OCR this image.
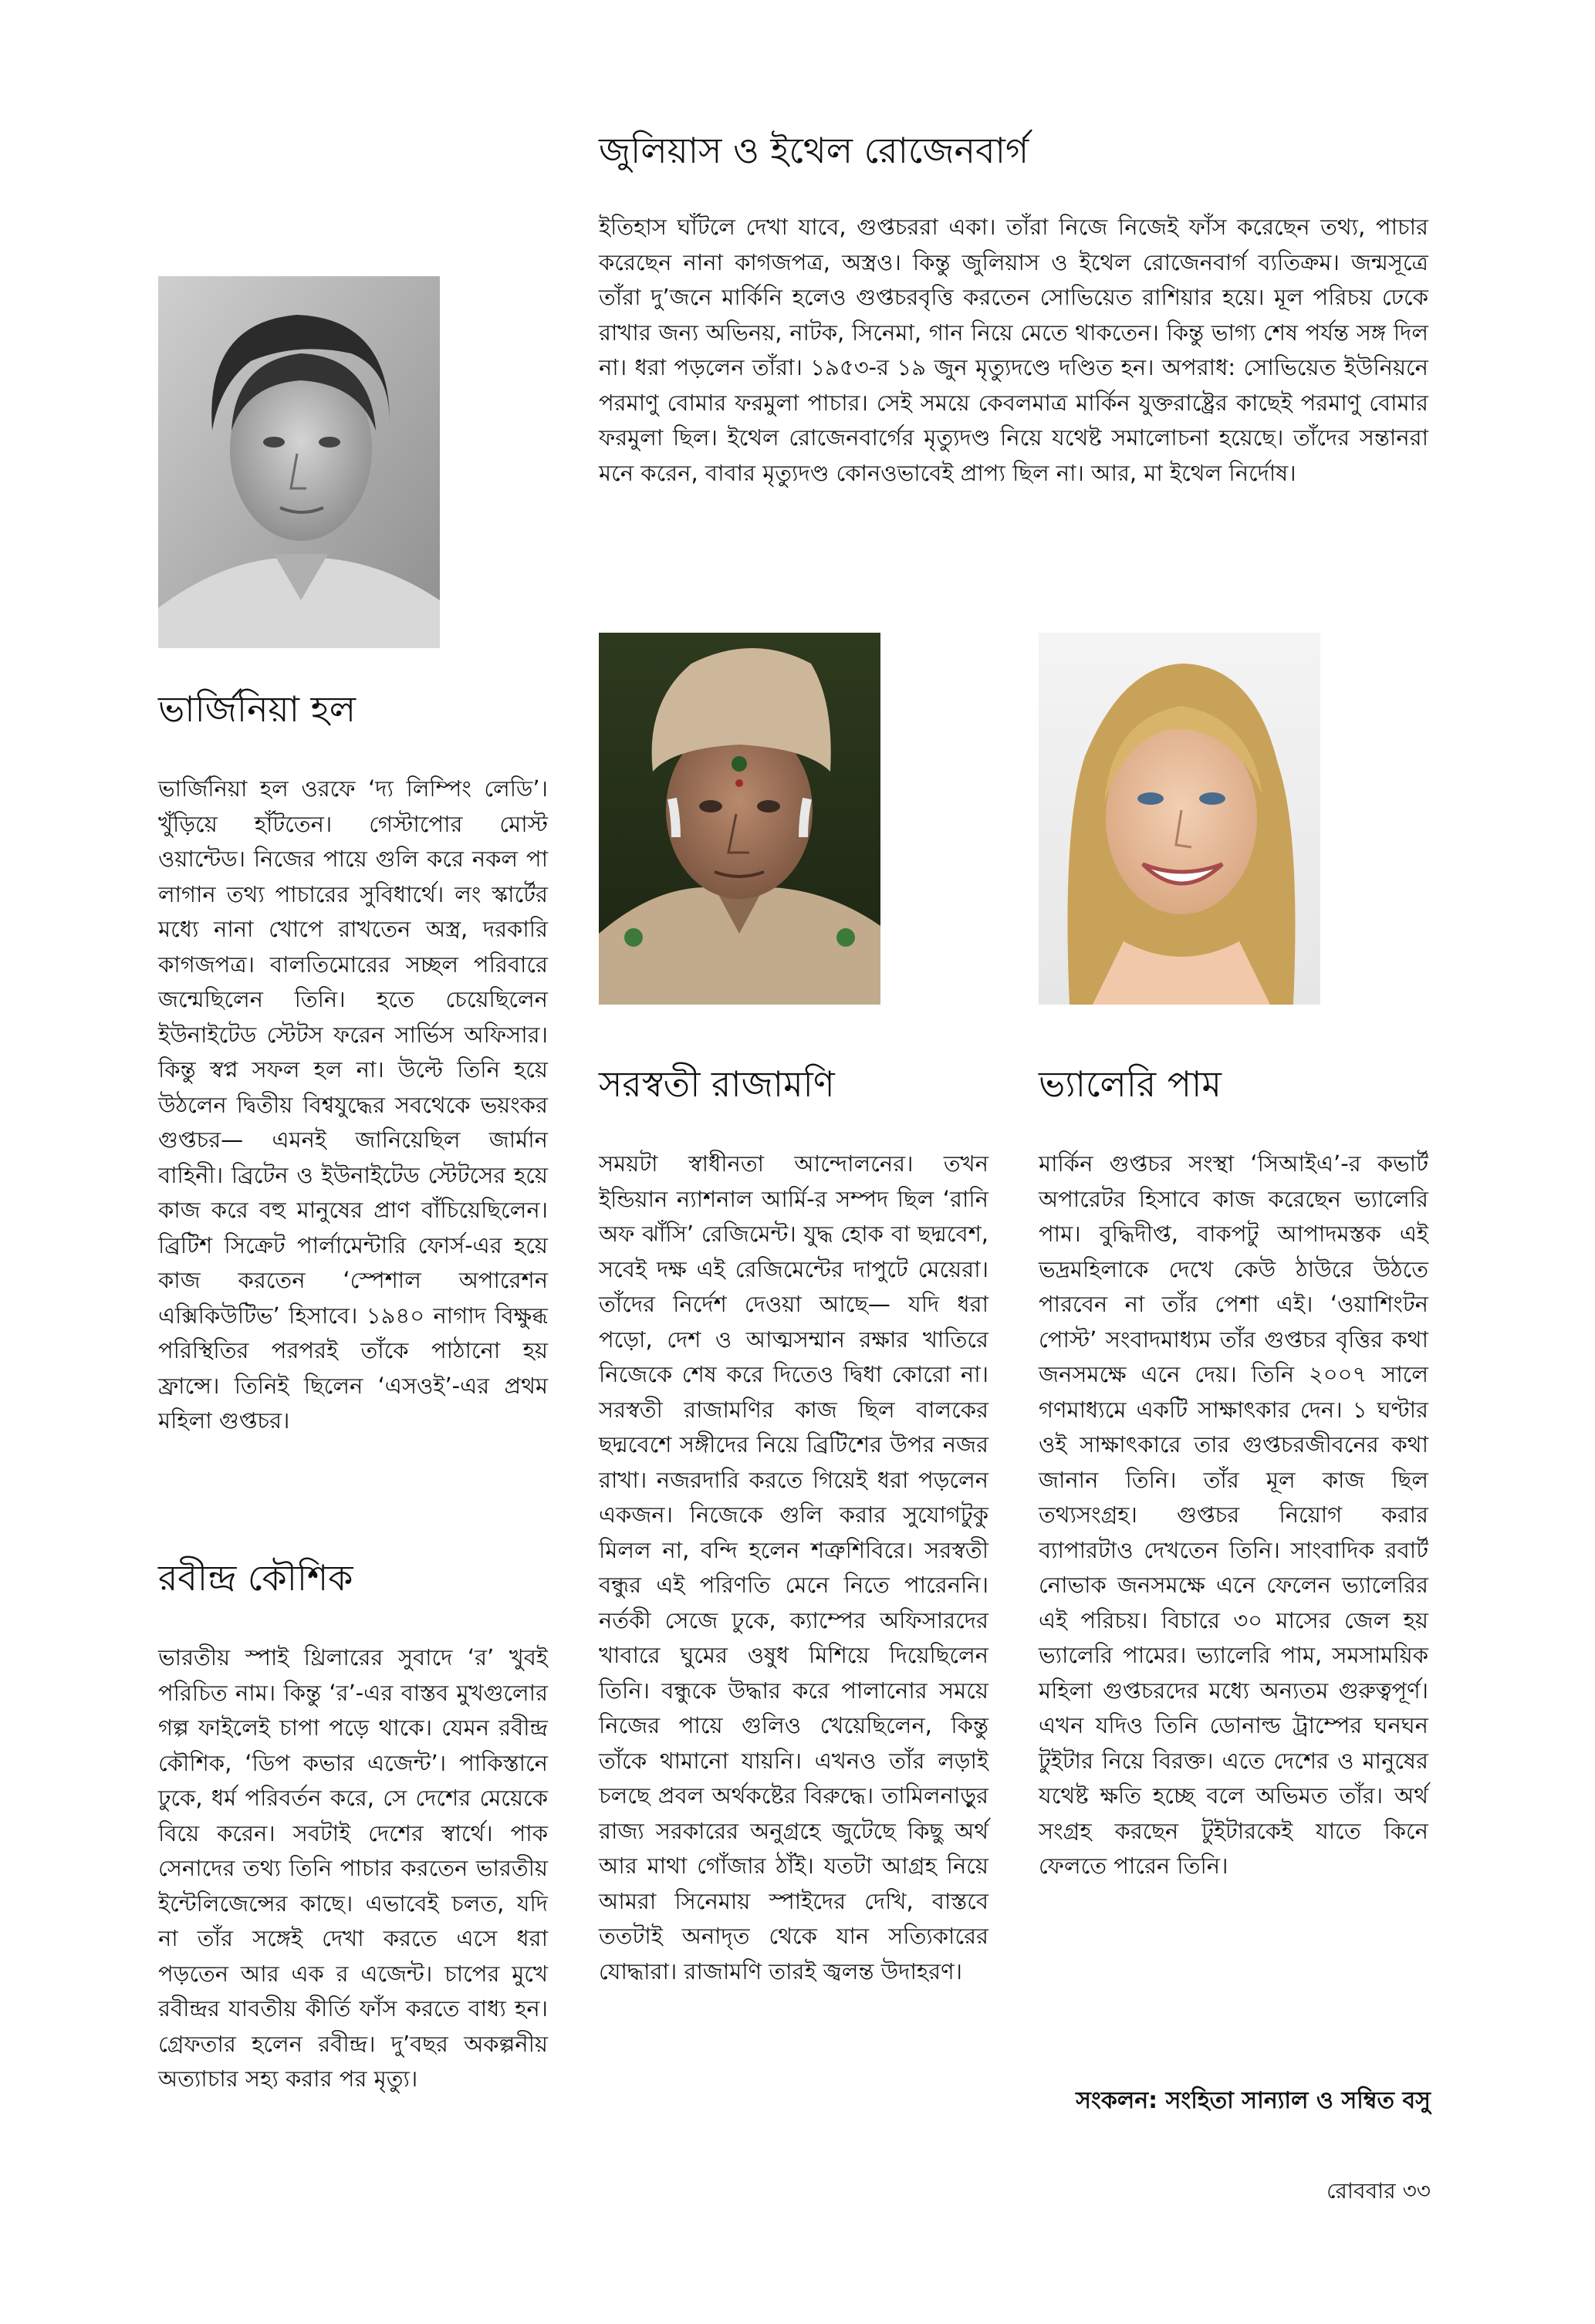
জুলিয়াস ও ইথেল রোজেনবার্গ

ইতিহাস ঘাঁটলে দেখা যাবে, গুপ্তচররা একা। তাঁরা নিজে নিজেই ফাঁস করেছেন তথ্য, পাচার করেছেন নানা কাগজপত্র, অস্ত্রও। কিন্তু জুলিয়াস ও ইথেল রোজেনবার্গ ব্যতিক্রম। জন্মসূত্রে তাঁরা দু’জনে মার্কিনি হলেও গুপ্তচরবৃত্তি করতেন সোভিয়েত রাশিয়ার হয়ে। মূল পরিচয় ঢেকে রাখার জন্য অভিনয়, নাটক, সিনেমা, গান নিয়ে মেতে থাকতেন। কিন্তু ভাগ্য শেষ পর্যন্ত সঙ্গ দিল না। ধরা পড়লেন তাঁরা। ১৯৫৩-র ১৯ জুন মৃত্যুদণ্ডে দণ্ডিত হন। অপরাধ: সোভিয়েত ইউনিয়নে পরমাণু বোমার ফরমুলা পাচার। সেই সময়ে কেবলমাত্র মার্কিন যুক্তরাষ্ট্রের কাছেই পরমাণু বোমার ফরমুলা ছিল। ইথেল রোজেনবার্গের মৃত্যুদণ্ড নিয়ে যথেষ্ট সমালোচনা হয়েছে। তাঁদের সন্তানরা মনে করেন, বাবার মৃত্যুদণ্ড কোনওভাবেই প্রাপ্য ছিল না। আর, মা ইথেল নির্দোষ।

ভার্জিনিয়া হল

ভার্জিনিয়া হল ওরফে ‘দ্য লিম্পিং লেডি’। খুঁড়িয়ে হাঁটতেন। গেস্টাপোর মোস্ট ওয়ান্টেড। নিজের পায়ে গুলি করে নকল পা লাগান তথ্য পাচারের সুবিধার্থে। লং স্কার্টের মধ্যে নানা খোপে রাখতেন অস্ত্র, দরকারি কাগজপত্র। বালতিমোরের সচ্ছল পরিবারে জন্মেছিলেন তিনি। হতে চেয়েছিলেন ইউনাইটেড স্টেটস ফরেন সার্ভিস অফিসার। কিন্তু স্বপ্ন সফল হল না। উল্টে তিনি হয়ে উঠলেন দ্বিতীয় বিশ্বযুদ্ধের সবথেকে ভয়ংকর গুপ্তচর— এমনই জানিয়েছিল জার্মান বাহিনী। ব্রিটেন ও ইউনাইটেড স্টেটসের হয়ে কাজ করে বহু মানুষের প্রাণ বাঁচিয়েছিলেন। ব্রিটিশ সিক্রেট পার্লামেন্টারি ফোর্স-এর হয়ে কাজ করতেন ‘স্পেশাল অপারেশন এক্সিকিউটিভ’ হিসাবে। ১৯৪০ নাগাদ বিক্ষুব্ধ পরিস্থিতির পরপরই তাঁকে পাঠানো হয় ফ্রান্সে। তিনিই ছিলেন ‘এসওই’-এর প্রথম মহিলা গুপ্তচর।

রবীন্দ্র কৌশিক

ভারতীয় স্পাই থ্রিলারের সুবাদে ‘র’ খুবই পরিচিত নাম। কিন্তু ‘র’-এর বাস্তব মুখগুলোর গল্প ফাইলেই চাপা পড়ে থাকে। যেমন রবীন্দ্র কৌশিক, ‘ডিপ কভার এজেন্ট’। পাকিস্তানে ঢুকে, ধর্ম পরিবর্তন করে, সে দেশের মেয়েকে বিয়ে করেন। সবটাই দেশের স্বার্থে। পাক সেনাদের তথ্য তিনি পাচার করতেন ভারতীয় ইন্টেলিজেন্সের কাছে। এভাবেই চলত, যদি না তাঁর সঙ্গেই দেখা করতে এসে ধরা পড়তেন আর এক র এজেন্ট। চাপের মুখে রবীন্দ্রর যাবতীয় কীর্তি ফাঁস করতে বাধ্য হন। গ্রেফতার হলেন রবীন্দ্র। দু’বছর অকল্পনীয় অত্যাচার সহ্য করার পর মৃত্যু।

সরস্বতী রাজামণি

সময়টা স্বাধীনতা আন্দোলনের। তখন ইন্ডিয়ান ন্যাশনাল আর্মি-র সম্পদ ছিল ‘রানি অফ ঝাঁসি’ রেজিমেন্ট। যুদ্ধ হোক বা ছদ্মবেশ, সবেই দক্ষ এই রেজিমেন্টের দাপুটে মেয়েরা। তাঁদের নির্দেশ দেওয়া আছে— যদি ধরা পড়ো, দেশ ও আত্মসম্মান রক্ষার খাতিরে নিজেকে শেষ করে দিতেও দ্বিধা কোরো না। সরস্বতী রাজামণির কাজ ছিল বালকের ছদ্মবেশে সঙ্গীদের নিয়ে ব্রিটিশের উপর নজর রাখা। নজরদারি করতে গিয়েই ধরা পড়লেন একজন। নিজেকে গুলি করার সুযোগটুকু মিলল না, বন্দি হলেন শত্রুশিবিরে। সরস্বতী বন্ধুর এই পরিণতি মেনে নিতে পারেননি। নর্তকী সেজে ঢুকে, ক্যাম্পের অফিসারদের খাবারে ঘুমের ওষুধ মিশিয়ে দিয়েছিলেন তিনি। বন্ধুকে উদ্ধার করে পালানোর সময়ে নিজের পায়ে গুলিও খেয়েছিলেন, কিন্তু তাঁকে থামানো যায়নি। এখনও তাঁর লড়াই চলছে প্রবল অর্থকষ্টের বিরুদ্ধে। তামিলনাড়ুর রাজ্য সরকারের অনুগ্রহে জুটেছে কিছু অর্থ আর মাথা গোঁজার ঠাঁই। যতটা আগ্রহ নিয়ে আমরা সিনেমায় স্পাইদের দেখি, বাস্তবে ততটাই অনাদৃত থেকে যান সত্যিকারের যোদ্ধারা। রাজামণি তারই জ্বলন্ত উদাহরণ।

ভ্যালেরি পাম

মার্কিন গুপ্তচর সংস্থা ‘সিআইএ’-র কভার্ট অপারেটর হিসাবে কাজ করেছেন ভ্যালেরি পাম। বুদ্ধিদীপ্ত, বাকপটু আপাদমস্তক এই ভদ্রমহিলাকে দেখে কেউ ঠাউরে উঠতে পারবেন না তাঁর পেশা এই। ‘ওয়াশিংটন পোস্ট’ সংবাদমাধ্যম তাঁর গুপ্তচর বৃত্তির কথা জনসমক্ষে এনে দেয়। তিনি ২০০৭ সালে গণমাধ্যমে একটি সাক্ষাৎকার দেন। ১ ঘণ্টার ওই সাক্ষাৎকারে তার গুপ্তচরজীবনের কথা জানান তিনি। তাঁর মূল কাজ ছিল তথ্যসংগ্রহ। গুপ্তচর নিয়োগ করার ব্যাপারটাও দেখতেন তিনি। সাংবাদিক রবার্ট নোভাক জনসমক্ষে এনে ফেলেন ভ্যালেরির এই পরিচয়। বিচারে ৩০ মাসের জেল হয় ভ্যালেরি পামের। ভ্যালেরি পাম, সমসাময়িক মহিলা গুপ্তচরদের মধ্যে অন্যতম গুরুত্বপূর্ণ। এখন যদিও তিনি ডোনাল্ড ট্রাম্পের ঘনঘন টুইটার নিয়ে বিরক্ত। এতে দেশের ও মানুষের যথেষ্ট ক্ষতি হচ্ছে বলে অভিমত তাঁর। অর্থ সংগ্রহ করছেন টুইটারকেই যাতে কিনে ফেলতে পারেন তিনি।

সংকলন: সংহিতা সান্যাল ও সম্বিত বসু
রোববার ৩৩
